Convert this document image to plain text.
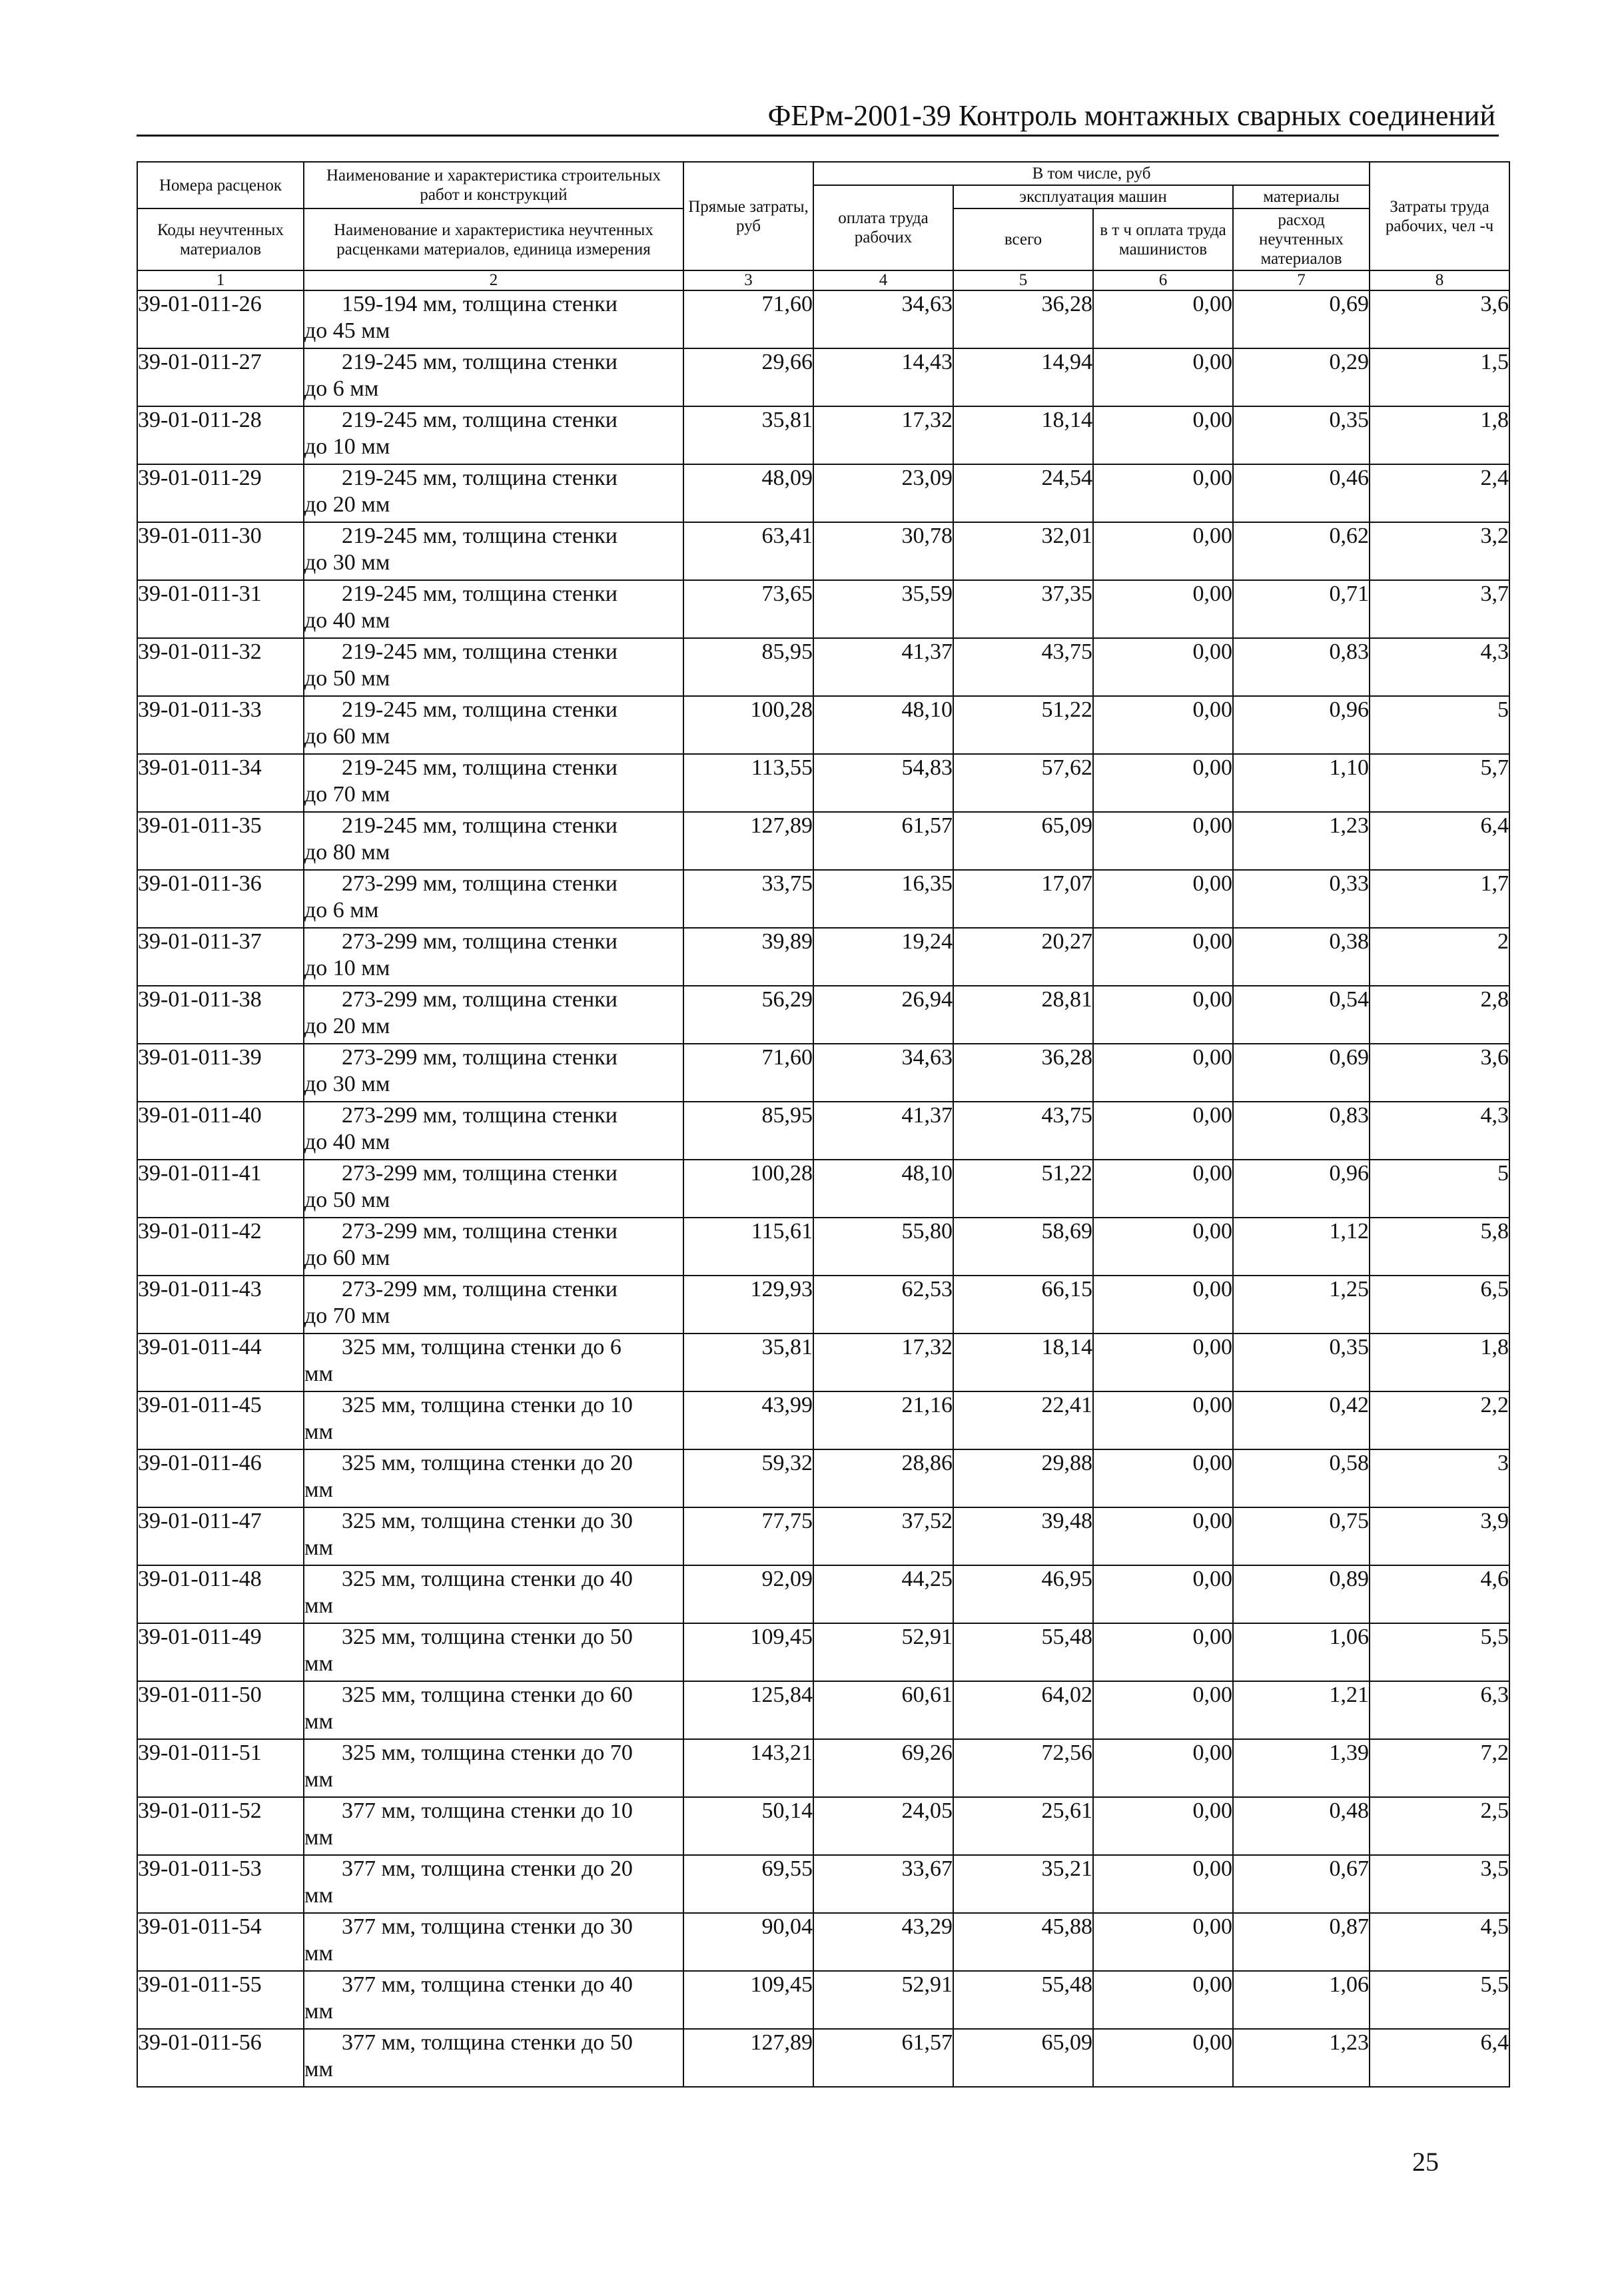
ФЕРм-2001-39 Контроль монтажных сварных соединений
Номера расценок	Наименование и характеристика строительных работ и конструкций	Прямые затраты, руб	В том числе, руб				Затраты труда рабочих, чел -ч
			оплата труда рабочих	эксплуатация машин		материалы	
Коды неучтенных материалов	Наименование и характеристика неучтенных расценками материалов, единица измерения			всего	в т ч оплата труда машинистов	расход неучтенных материалов	

1	2	3	4	5	6	7	8
39-01-011-26	159-194 мм, толщина стенки
до 45 мм	71,60	34,63	36,28	0,00	0,69	3,6
39-01-011-27	219-245 мм, толщина стенки
до 6 мм	29,66	14,43	14,94	0,00	0,29	1,5
39-01-011-28	219-245 мм, толщина стенки
до 10 мм	35,81	17,32	18,14	0,00	0,35	1,8
39-01-011-29	219-245 мм, толщина стенки
до 20 мм	48,09	23,09	24,54	0,00	0,46	2,4
39-01-011-30	219-245 мм, толщина стенки
до 30 мм	63,41	30,78	32,01	0,00	0,62	3,2
39-01-011-31	219-245 мм, толщина стенки
до 40 мм	73,65	35,59	37,35	0,00	0,71	3,7
39-01-011-32	219-245 мм, толщина стенки
до 50 мм	85,95	41,37	43,75	0,00	0,83	4,3
39-01-011-33	219-245 мм, толщина стенки
до 60 мм	100,28	48,10	51,22	0,00	0,96	5
39-01-011-34	219-245 мм, толщина стенки
до 70 мм	113,55	54,83	57,62	0,00	1,10	5,7
39-01-011-35	219-245 мм, толщина стенки
до 80 мм	127,89	61,57	65,09	0,00	1,23	6,4
39-01-011-36	273-299 мм, толщина стенки
до 6 мм	33,75	16,35	17,07	0,00	0,33	1,7
39-01-011-37	273-299 мм, толщина стенки
до 10 мм	39,89	19,24	20,27	0,00	0,38	2
39-01-011-38	273-299 мм, толщина стенки
до 20 мм	56,29	26,94	28,81	0,00	0,54	2,8
39-01-011-39	273-299 мм, толщина стенки
до 30 мм	71,60	34,63	36,28	0,00	0,69	3,6
39-01-011-40	273-299 мм, толщина стенки
до 40 мм	85,95	41,37	43,75	0,00	0,83	4,3
39-01-011-41	273-299 мм, толщина стенки
до 50 мм	100,28	48,10	51,22	0,00	0,96	5
39-01-011-42	273-299 мм, толщина стенки
до 60 мм	115,61	55,80	58,69	0,00	1,12	5,8
39-01-011-43	273-299 мм, толщина стенки
до 70 мм	129,93	62,53	66,15	0,00	1,25	6,5
39-01-011-44	325 мм, толщина стенки до 6
мм	35,81	17,32	18,14	0,00	0,35	1,8
39-01-011-45	325 мм, толщина стенки до 10
мм	43,99	21,16	22,41	0,00	0,42	2,2
39-01-011-46	325 мм, толщина стенки до 20
мм	59,32	28,86	29,88	0,00	0,58	3
39-01-011-47	325 мм, толщина стенки до 30
мм	77,75	37,52	39,48	0,00	0,75	3,9
39-01-011-48	325 мм, толщина стенки до 40
мм	92,09	44,25	46,95	0,00	0,89	4,6
39-01-011-49	325 мм, толщина стенки до 50
мм	109,45	52,91	55,48	0,00	1,06	5,5
39-01-011-50	325 мм, толщина стенки до 60
мм	125,84	60,61	64,02	0,00	1,21	6,3
39-01-011-51	325 мм, толщина стенки до 70
мм	143,21	69,26	72,56	0,00	1,39	7,2
39-01-011-52	377 мм, толщина стенки до 10
мм	50,14	24,05	25,61	0,00	0,48	2,5
39-01-011-53	377 мм, толщина стенки до 20
мм	69,55	33,67	35,21	0,00	0,67	3,5
39-01-011-54	377 мм, толщина стенки до 30
мм	90,04	43,29	45,88	0,00	0,87	4,5
39-01-011-55	377 мм, толщина стенки до 40
мм	109,45	52,91	55,48	0,00	1,06	5,5
39-01-011-56	377 мм, толщина стенки до 50
мм	127,89	61,57	65,09	0,00	1,23	6,4
25
